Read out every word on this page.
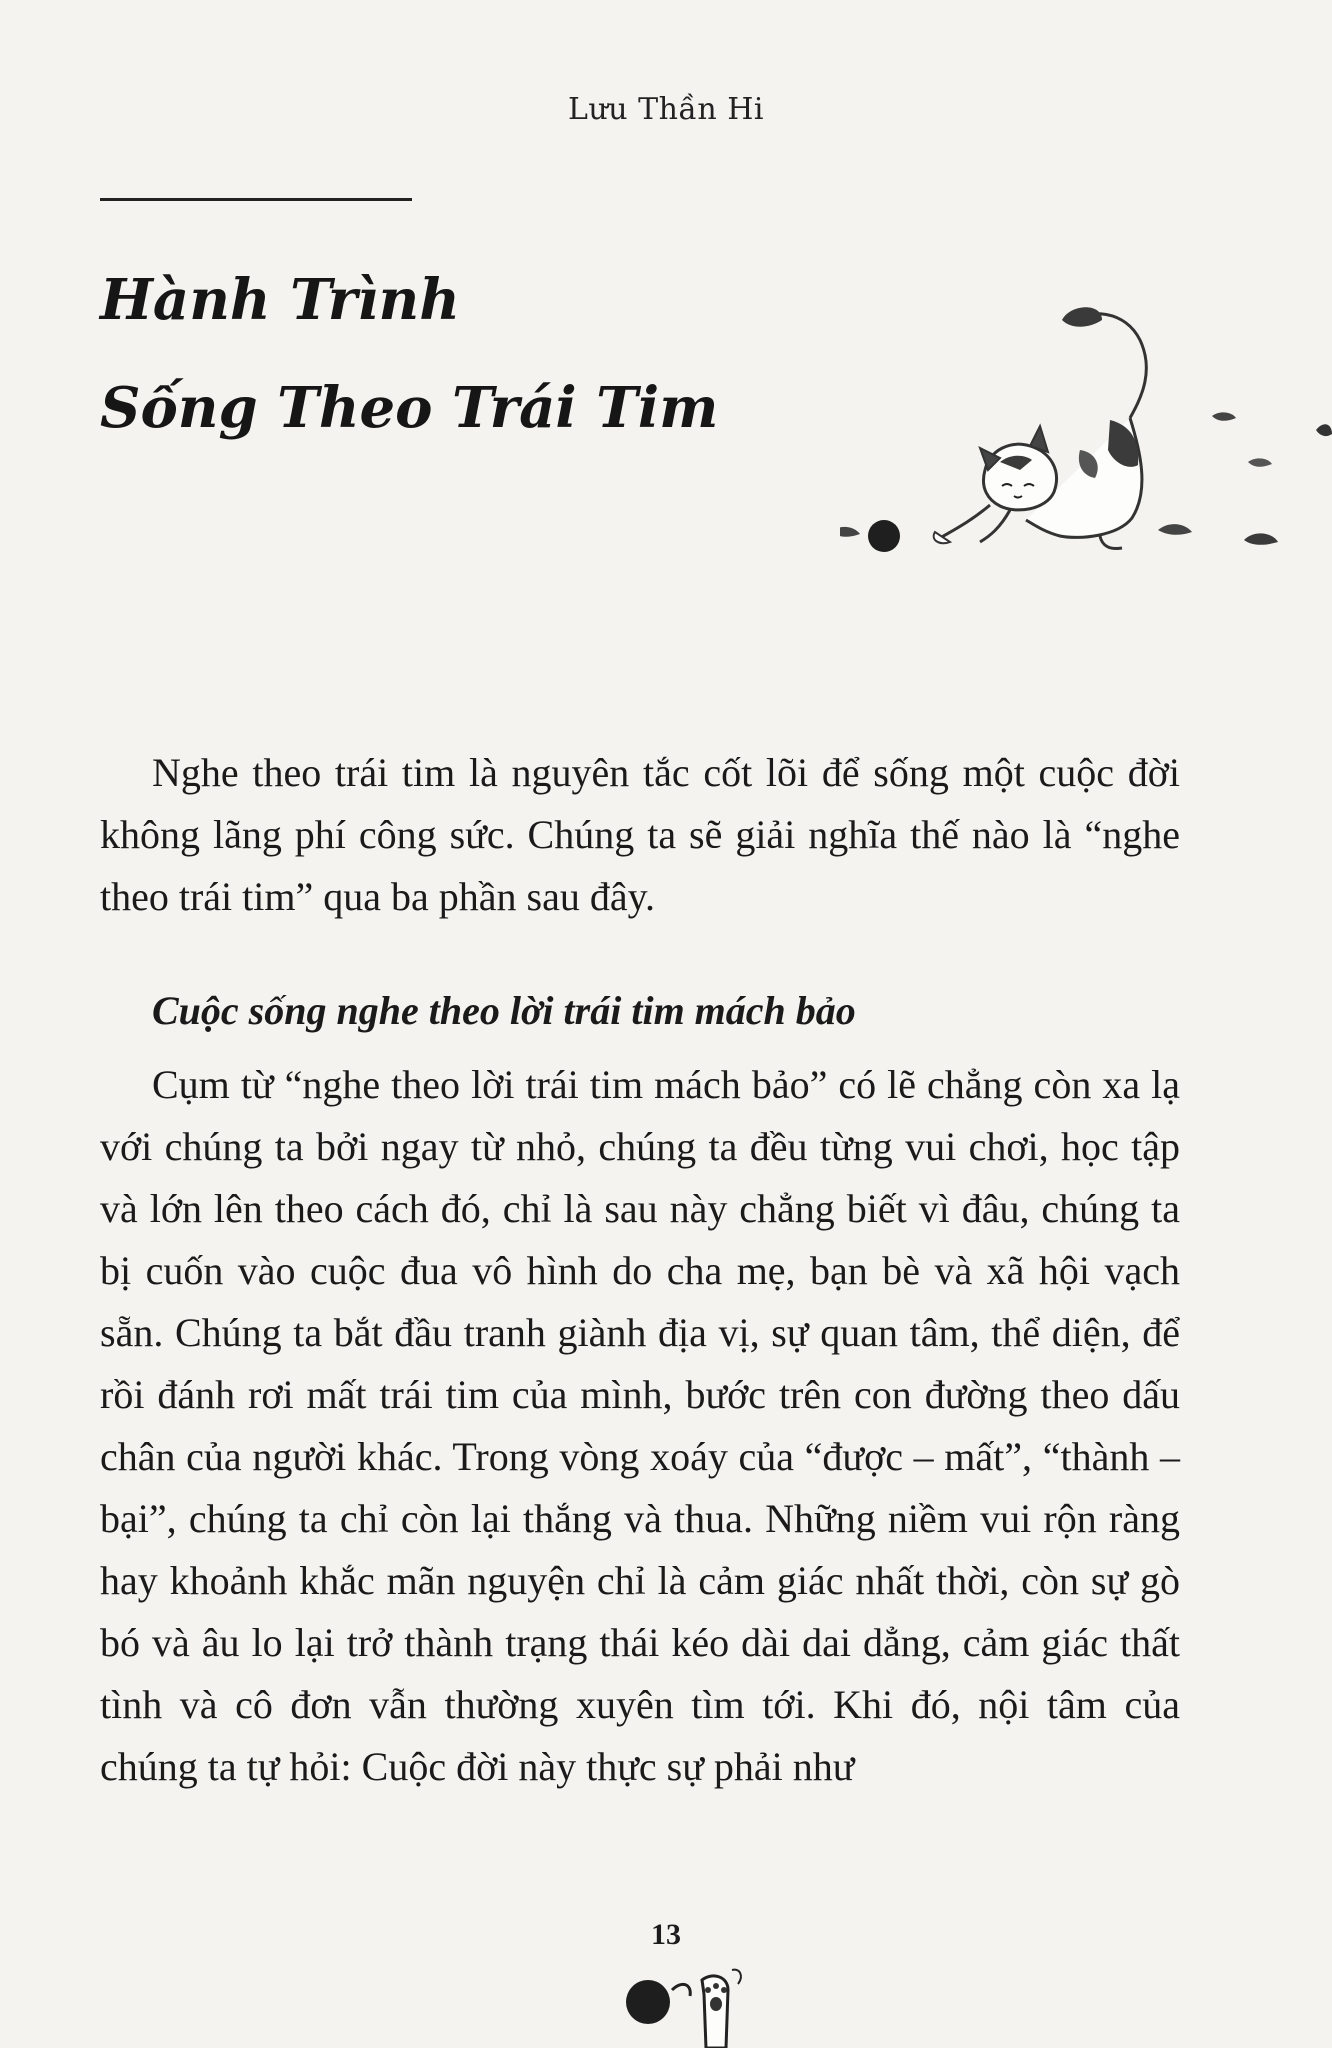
Lưu Thần Hi
Hành Trình
Sống Theo Trái Tim

Nghe theo trái tim là nguyên tắc cốt lõi để sống một cuộc đời không lãng phí công sức. Chúng ta sẽ giải nghĩa thế nào là “nghe theo trái tim” qua ba phần sau đây.

Cuộc sống nghe theo lời trái tim mách bảo

Cụm từ “nghe theo lời trái tim mách bảo” có lẽ chẳng còn xa lạ với chúng ta bởi ngay từ nhỏ, chúng ta đều từng vui chơi, học tập và lớn lên theo cách đó, chỉ là sau này chẳng biết vì đâu, chúng ta bị cuốn vào cuộc đua vô hình do cha mẹ, bạn bè và xã hội vạch sẵn. Chúng ta bắt đầu tranh giành địa vị, sự quan tâm, thể diện, để rồi đánh rơi mất trái tim của mình, bước trên con đường theo dấu chân của người khác. Trong vòng xoáy của “được – mất”, “thành – bại”, chúng ta chỉ còn lại thắng và thua. Những niềm vui rộn ràng hay khoảnh khắc mãn nguyện chỉ là cảm giác nhất thời, còn sự gò bó và âu lo lại trở thành trạng thái kéo dài dai dẳng, cảm giác thất tình và cô đơn vẫn thường xuyên tìm tới. Khi đó, nội tâm của chúng ta tự hỏi: Cuộc đời này thực sự phải như

13
